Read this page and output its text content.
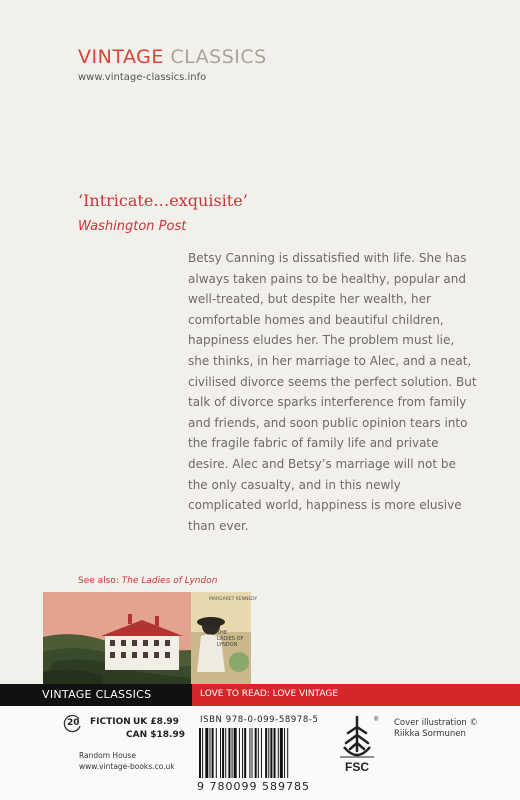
VINTAGE CLASSICS
www.vintage-classics.info
‘Intricate…exquisite’
Washington Post

Betsy Canning is dissatisfied with life. She has always taken pains to be healthy, popular and well-treated, but despite her wealth, her comfortable homes and beautiful children, happiness eludes her. The problem must lie, she thinks, in her marriage to Alec, and a neat, civilised divorce seems the perfect solution. But talk of divorce sparks interference from family and friends, and soon public opinion tears into the fragile fabric of family life and private desire. Alec and Betsy’s marriage will not be the only casualty, and in this newly complicated world, happiness is more elusive than ever.

See also: The Ladies of Lyndon
MARGARET KENNEDY
THE
LADIES OF
LYNDON
VINTAGE CLASSICS	LOVE TO READ: LOVE VINTAGE
20 FICTION UK £8.99
CAN $18.99
Random House
www.vintage-books.co.uk
ISBN 978-0-099-58978-5
9 780099 589785
FSC
® Cover illustration ©
Riikka Sormunen
